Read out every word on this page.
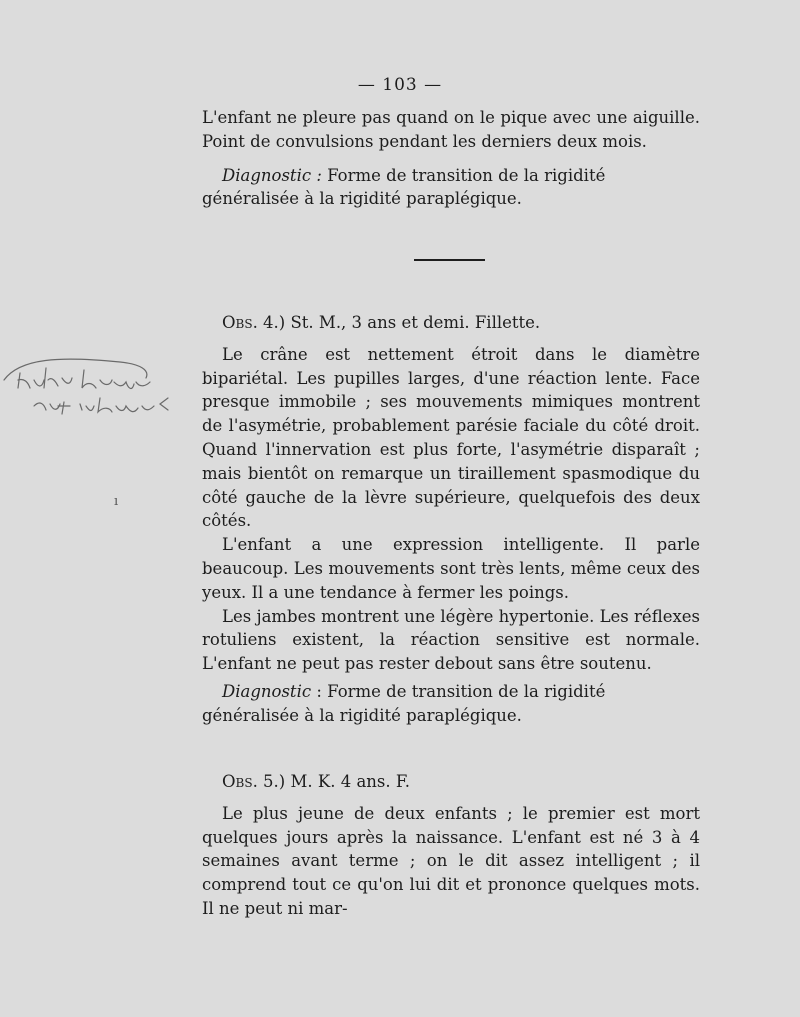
— 103 —

L'enfant ne pleure pas quand on le pique avec une aiguille. Point de convulsions pendant les derniers deux mois.

Diagnostic : Forme de transition de la rigidité généralisée à la rigidité paraplégique.

Obs. 4.) St. M., 3 ans et demi. Fillette.

Le crâne est nettement étroit dans le diamètre bipariétal. Les pupilles larges, d'une réaction lente. Face presque immobile ; ses mouvements mimiques montrent de l'asymétrie, probablement parésie faciale du côté droit. Quand l'innervation est plus forte, l'asymétrie disparaît ; mais bientôt on remarque un tiraillement spasmodique du côté gauche de la lèvre supérieure, quelquefois des deux côtés.

L'enfant a une expression intelligente. Il parle beaucoup. Les mouvements sont très lents, même ceux des yeux. Il a une tendance à fermer les poings.

Les jambes montrent une légère hypertonie. Les réflexes rotuliens existent, la réaction sensitive est normale. L'enfant ne peut pas rester debout sans être soutenu.

Diagnostic : Forme de transition de la rigidité généralisée à la rigidité paraplégique.

Obs. 5.) M. K. 4 ans. F.

Le plus jeune de deux enfants ; le premier est mort quelques jours après la naissance. L'enfant est né 3 à 4 semaines avant terme ; on le dit assez intelligent ; il comprend tout ce qu'on lui dit et prononce quelques mots. Il ne peut ni mar-

ı
